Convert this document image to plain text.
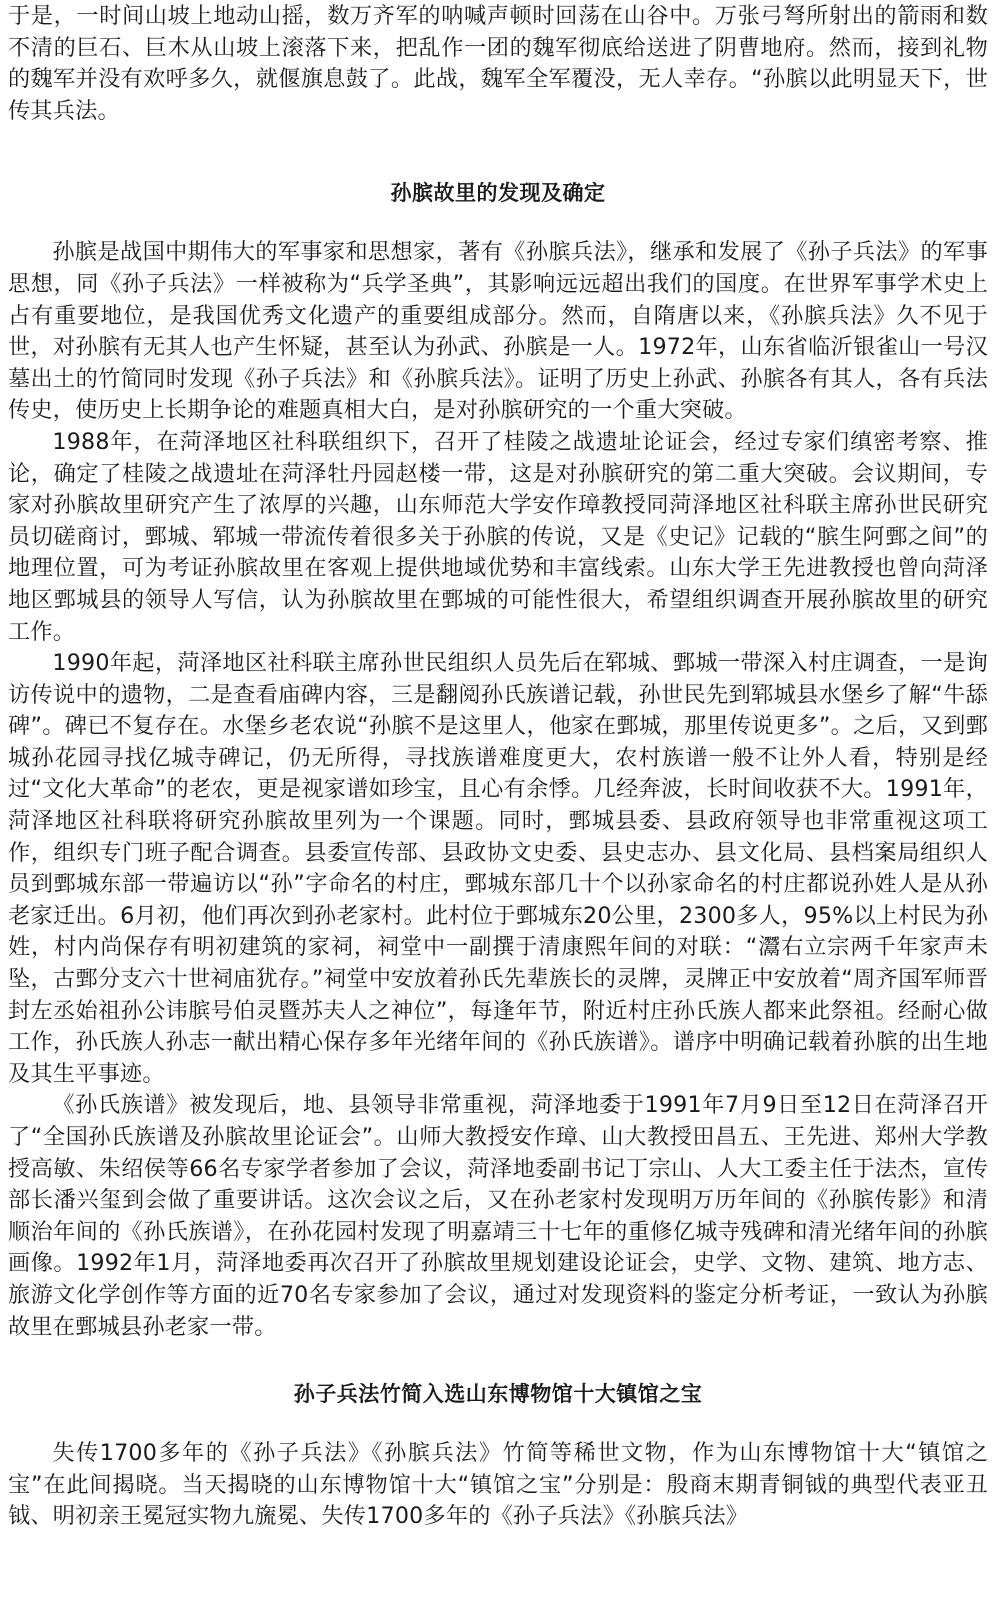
于是，一时间山坡上地动山摇，数万齐军的呐喊声顿时回荡在山谷中。万张弓弩所射出的箭雨和数不清的巨石、巨木从山坡上滚落下来，把乱作一团的魏军彻底给送进了阴曹地府。然而，接到礼物的魏军并没有欢呼多久，就偃旗息鼓了。此战，魏军全军覆没，无人幸存。“孙膑以此明显天下，世传其兵法。

孙膑故里的发现及确定

孙膑是战国中期伟大的军事家和思想家，著有《孙膑兵法》，继承和发展了《孙子兵法》的军事思想，同《孙子兵法》一样被称为“兵学圣典”，其影响远远超出我们的国度。在世界军事学术史上占有重要地位，是我国优秀文化遗产的重要组成部分。然而，自隋唐以来，《孙膑兵法》久不见于世，对孙膑有无其人也产生怀疑，甚至认为孙武、孙膑是一人。1972年，山东省临沂银雀山一号汉墓出土的竹简同时发现《孙子兵法》和《孙膑兵法》。证明了历史上孙武、孙膑各有其人，各有兵法传史，使历史上长期争论的难题真相大白，是对孙膑研究的一个重大突破。

1988年，在菏泽地区社科联组织下，召开了桂陵之战遗址论证会，经过专家们缜密考察、推论，确定了桂陵之战遗址在菏泽牡丹园赵楼一带，这是对孙膑研究的第二重大突破。会议期间，专家对孙膑故里研究产生了浓厚的兴趣，山东师范大学安作璋教授同菏泽地区社科联主席孙世民研究员切磋商讨，鄄城、郓城一带流传着很多关于孙膑的传说，又是《史记》记载的“膑生阿鄄之间”的地理位置，可为考证孙膑故里在客观上提供地域优势和丰富线索。山东大学王先进教授也曾向菏泽地区鄄城县的领导人写信，认为孙膑故里在鄄城的可能性很大，希望组织调查开展孙膑故里的研究工作。

1990年起，菏泽地区社科联主席孙世民组织人员先后在郓城、鄄城一带深入村庄调查，一是询访传说中的遗物，二是查看庙碑内容，三是翻阅孙氏族谱记载，孙世民先到郓城县水堡乡了解“牛舔碑”。碑已不复存在。水堡乡老农说“孙膑不是这里人，他家在鄄城，那里传说更多”。之后，又到鄄城孙花园寻找亿城寺碑记，仍无所得，寻找族谱难度更大，农村族谱一般不让外人看，特别是经过“文化大革命”的老农，更是视家谱如珍宝，且心有余悸。几经奔波，长时间收获不大。1991年，菏泽地区社科联将研究孙膑故里列为一个课题。同时，鄄城县委、县政府领导也非常重视这项工作，组织专门班子配合调查。县委宣传部、县政协文史委、县史志办、县文化局、县档案局组织人员到鄄城东部一带遍访以“孙”字命名的村庄，鄄城东部几十个以孙家命名的村庄都说孙姓人是从孙老家迁出。6月初，他们再次到孙老家村。此村位于鄄城东20公里，2300多人，95%以上村民为孙姓，村内尚保存有明初建筑的家祠，祠堂中一副撰于清康熙年间的对联：“灊右立宗两千年家声未坠，古鄄分支六十世祠庙犹存。”祠堂中安放着孙氏先辈族长的灵牌，灵牌正中安放着“周齐国军师晋封左丞始祖孙公讳膑号伯灵暨苏夫人之神位”，每逢年节，附近村庄孙氏族人都来此祭祖。经耐心做工作，孙氏族人孙志一献出精心保存多年光绪年间的《孙氏族谱》。谱序中明确记载着孙膑的出生地及其生平事迹。

《孙氏族谱》被发现后，地、县领导非常重视，菏泽地委于1991年7月9日至12日在菏泽召开了“全国孙氏族谱及孙膑故里论证会”。山师大教授安作璋、山大教授田昌五、王先进、郑州大学教授高敏、朱绍侯等66名专家学者参加了会议，菏泽地委副书记丁宗山、人大工委主任于法杰，宣传部长潘兴玺到会做了重要讲话。这次会议之后，又在孙老家村发现明万历年间的《孙膑传影》和清顺治年间的《孙氏族谱》，在孙花园村发现了明嘉靖三十七年的重修亿城寺残碑和清光绪年间的孙膑画像。1992年1月，菏泽地委再次召开了孙膑故里规划建设论证会，史学、文物、建筑、地方志、旅游文化学创作等方面的近70名专家参加了会议，通过对发现资料的鉴定分析考证，一致认为孙膑故里在鄄城县孙老家一带。

孙子兵法竹简入选山东博物馆十大镇馆之宝

失传1700多年的《孙子兵法》《孙膑兵法》竹简等稀世文物，作为山东博物馆十大“镇馆之宝”在此间揭晓。当天揭晓的山东博物馆十大“镇馆之宝”分别是：殷商末期青铜钺的典型代表亚丑钺、明初亲王冕冠实物九旒冕、失传1700多年的《孙子兵法》《孙膑兵法》
